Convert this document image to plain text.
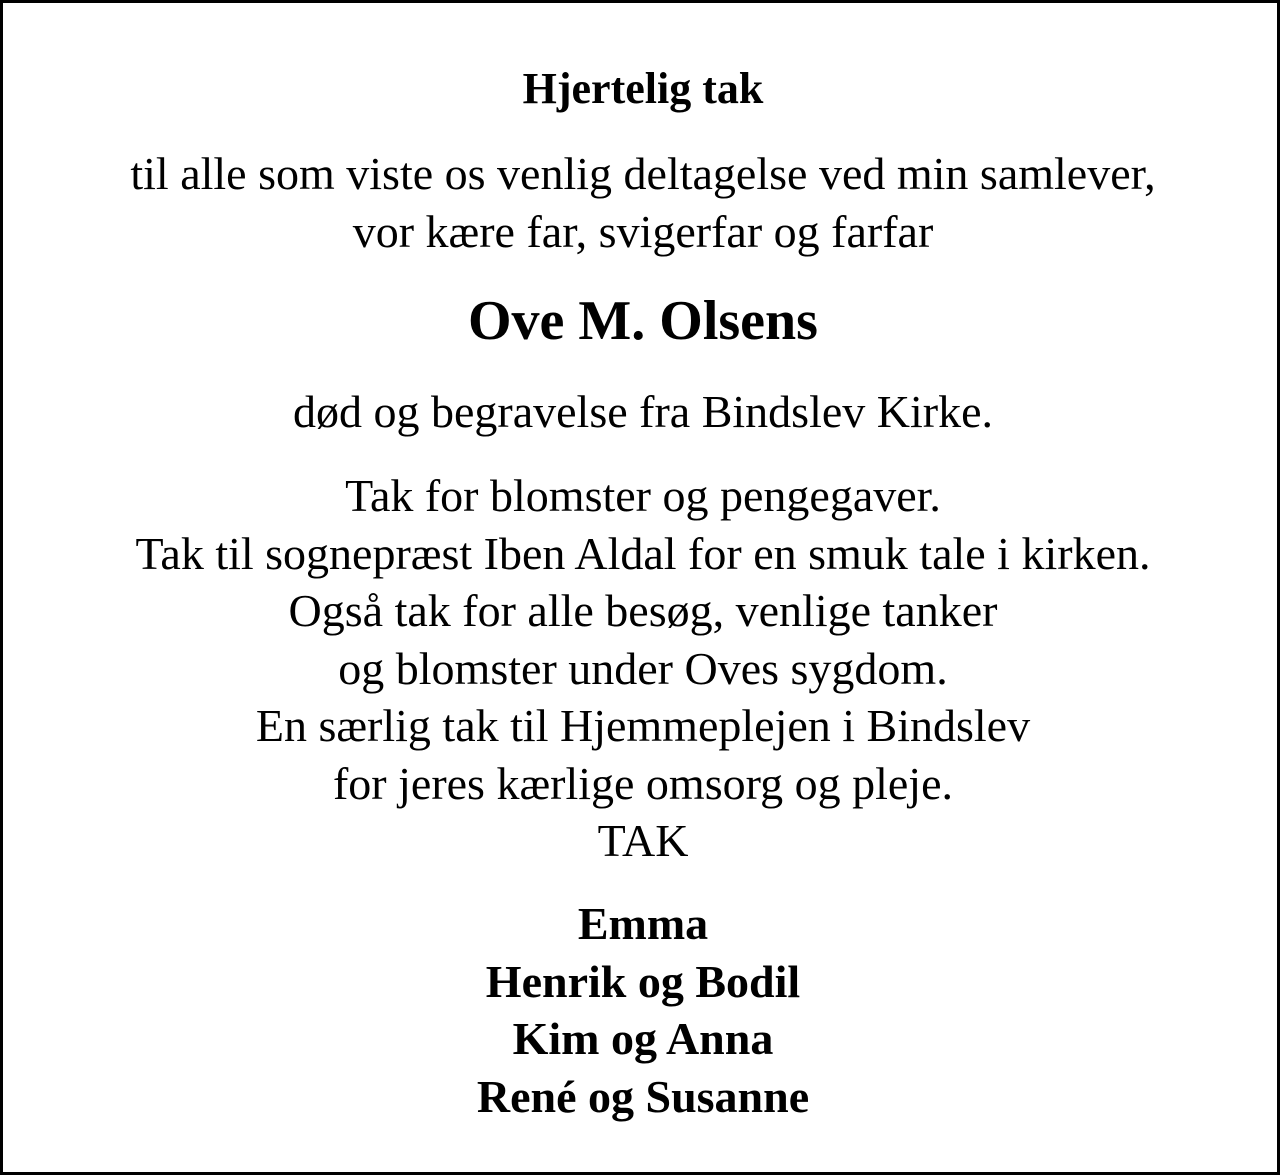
Hjertelig tak

til alle som viste os venlig deltagelse ved min samlever,

vor kære far, svigerfar og farfar

Ove M. Olsens

død og begravelse fra Bindslev Kirke.

Tak for blomster og pengegaver.

Tak til sognepræst Iben Aldal for en smuk tale i kirken.

Også tak for alle besøg, venlige tanker

og blomster under Oves sygdom.

En særlig tak til Hjemmeplejen i Bindslev

for jeres kærlige omsorg og pleje.

TAK

Emma

Henrik og Bodil

Kim og Anna

René og Susanne
